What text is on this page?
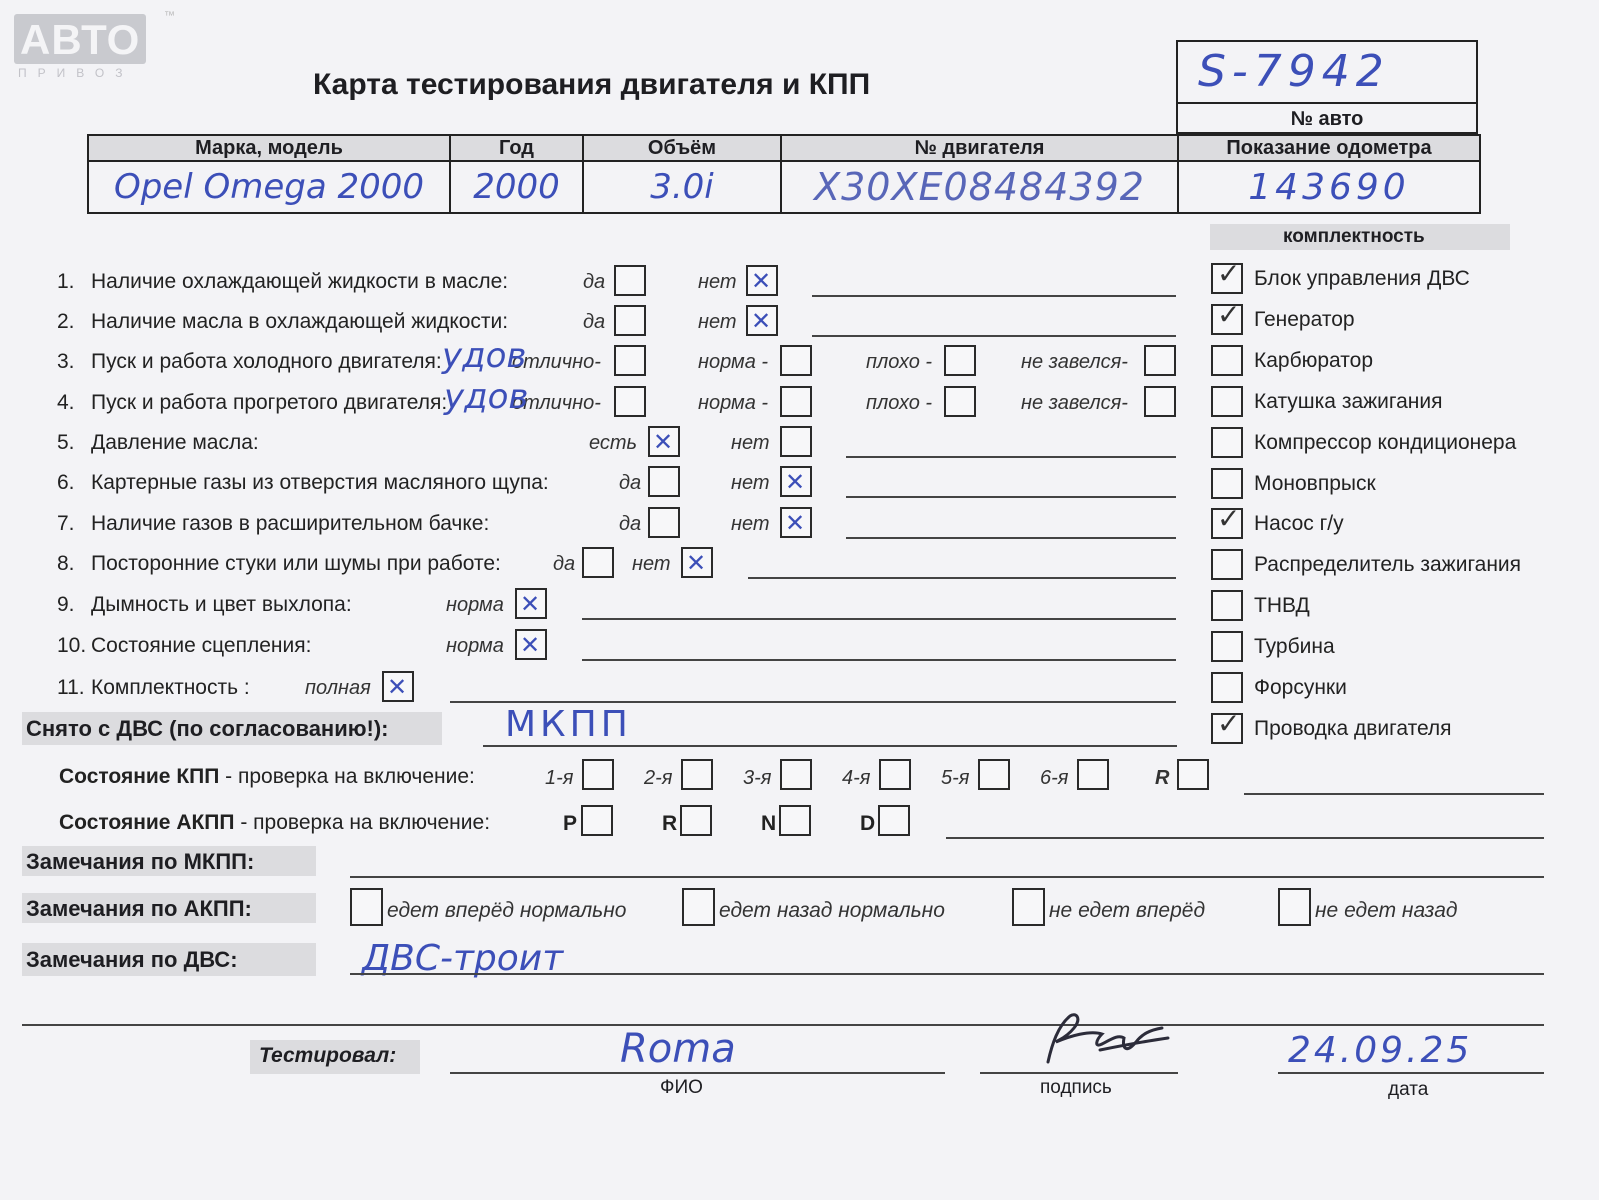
АВТО ™
ПРИВОЗ	Карта тестирования двигателя и КПП	S-7942
№ авто
Марка, модель	Год	Объём	№ двигателя	Показание одометра
Opel Omega 2000	2000	3.0i	X30XE08484392	143690
комплектность
✓ Блок управления ДВС
✓ Генератор
Карбюратор
Катушка зажигания
Компрессор кондиционера
Моновпрыск
✓ Насос г/у
Распределитель зажигания
ТНВД
Турбина
Форсунки
✓ Проводка двигателя
1. Наличие охлаждающей жидкости в масле:	да	нет ✕
2. Наличие масла в охлаждающей жидкости:	да	нет ✕
3. Пуск и работа холодного двигателя:	отлично-	норма -	плохо -	не завелся-
удов
4. Пуск и работа прогретого двигателя:	отлично-	норма -	плохо -	не завелся-
удов
5. Давление масла:	есть ✕	нет
6. Картерные газы из отверстия масляного щупа:	да	нет ✕
7. Наличие газов в расширительном бачке:	да	нет ✕
8. Посторонние стуки или шумы при работе:	да	нет ✕
9. Дымность и цвет выхлопа:	норма ✕
10. Состояние сцепления:	норма ✕
11. Комплектность :	полная ✕
Снято с ДВС (по согласованию!):	МКПП
Состояние КПП - проверка на включение:	1-я	2-я	3-я	4-я	5-я	6-я	R
Состояние АКПП - проверка на включение:	P	R	N	D
Замечания по МКПП:
Замечания по АКПП:	едет вперёд нормально	едет назад нормально	не едет вперёд	не едет назад
Замечания по ДВС:	ДВС-троит
Тестировал:	Roma
ФИО	подпись
24.09.25
дата
